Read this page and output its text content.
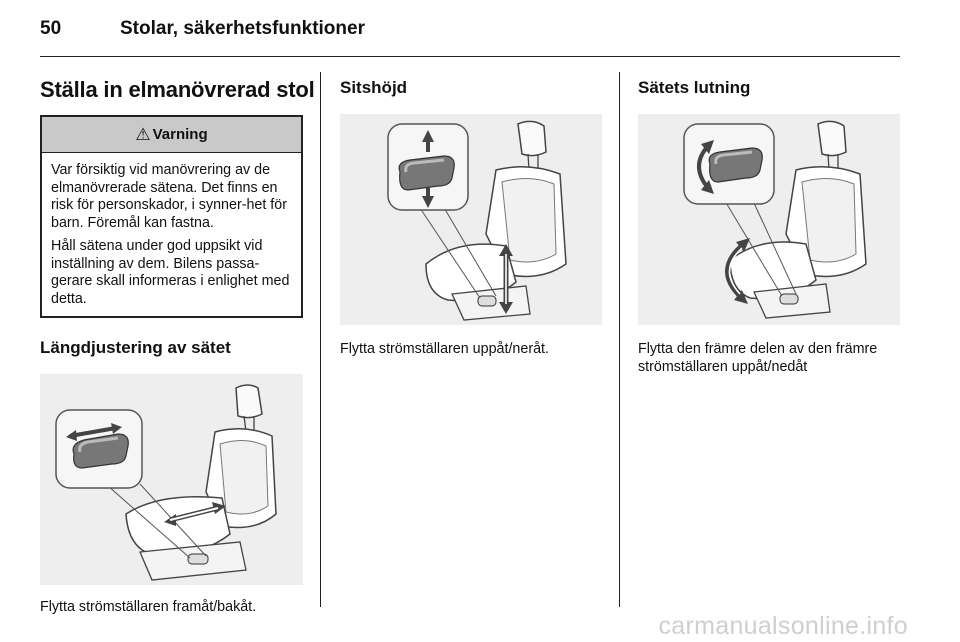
50	Stolar, säkerhetsfunktioner
Ställa in elmanövrerad stol
⚠ Varning

Var försiktig vid manövrering av de elmanövrerade sätena. Det finns en risk för personskador, i synner-het för barn. Föremål kan fastna.

Håll sätena under god uppsikt vid inställning av dem. Bilens passa-gerare skall informeras i enlighet med detta.

Längdjustering av sätet

Flytta strömställaren framåt/bakåt.

Sitshöjd

Flytta strömställaren uppåt/neråt.

Sätets lutning

Flytta den främre delen av den främre strömställaren uppåt/nedåt

carmanualsonline.info
